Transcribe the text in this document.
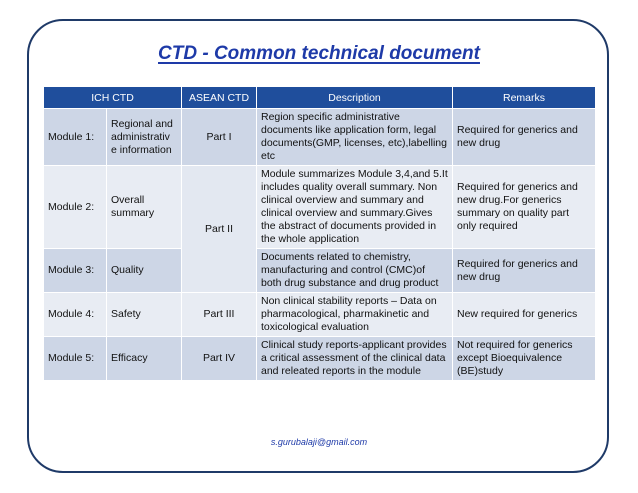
CTD - Common technical document
ICH CTD		ASEAN CTD	Description	Remarks
Module 1:	Regional and administrativ e information	Part I	Region specific administrative documents like application form, legal documents(GMP, licenses, etc),labelling etc	Required for generics and new drug
Module 2:	Overall summary	Part II	Module summarizes Module 3,4,and 5.It includes quality overall summary. Non clinical overview and summary and clinical overview and summary.Gives the abstract of documents provided in the whole application	Required for generics and new drug.For generics summary on quality part only required
Module 3:	Quality		Documents related to chemistry, manufacturing and control (CMC)of both drug substance and drug product	Required for generics and new drug
Module 4:	Safety	Part III	Non clinical stability reports – Data on pharmacological, pharmakinetic and toxicological evaluation	New required for generics
Module 5:	Efficacy	Part IV	Clinical study reports-applicant provides a critical assessment of the clinical data and releated reports in the module	Not required for generics except Bioequivalence (BE)study
s.gurubalaji@gmail.com
